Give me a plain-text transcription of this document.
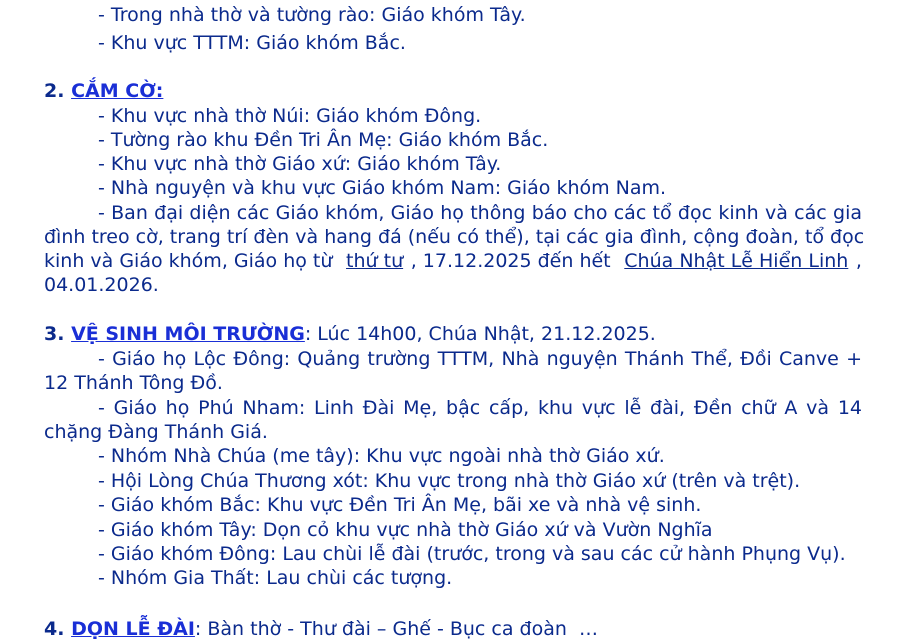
- Trong nhà thờ và tường rào: Giáo khóm Tây.
- Khu vực TTTM: Giáo khóm Bắc.
2. CẮM CỜ:
- Khu vực nhà thờ Núi: Giáo khóm Đông.
- Tường rào khu Đền Tri Ân Mẹ: Giáo khóm Bắc.
- Khu vực nhà thờ Giáo xứ: Giáo khóm Tây.
- Nhà nguyện và khu vực Giáo khóm Nam: Giáo khóm Nam.
- Ban đại diện các Giáo khóm, Giáo họ thông báo cho các tổ đọc kinh và các gia
đình treo cờ, trang trí đèn và hang đá (nếu có thể), tại các gia đình, cộng đoàn, tổ đọc
kinh và Giáo khóm, Giáo họ từ thứ tư , 17.12.2025 đến hết Chúa Nhật Lễ Hiển Linh ,
04.01.2026.
3. VỆ SINH MÔI TRƯỜNG: Lúc 14h00, Chúa Nhật, 21.12.2025.
- Giáo họ Lộc Đông: Quảng trường TTTM, Nhà nguyện Thánh Thể, Đồi Canve +
12 Thánh Tông Đồ.
- Giáo họ Phú Nham: Linh Đài Mẹ, bậc cấp, khu vực lễ đài, Đền chữ A và 14
chặng Đàng Thánh Giá.
- Nhóm Nhà Chúa (me tây): Khu vực ngoài nhà thờ Giáo xứ.
- Hội Lòng Chúa Thương xót: Khu vực trong nhà thờ Giáo xứ (trên và trệt).
- Giáo khóm Bắc: Khu vực Đền Tri Ân Mẹ, bãi xe và nhà vệ sinh.
- Giáo khóm Tây: Dọn cỏ khu vực nhà thờ Giáo xứ và Vườn Nghĩa
- Giáo khóm Đông: Lau chùi lễ đài (trước, trong và sau các cử hành Phụng Vụ).
- Nhóm Gia Thất: Lau chùi các tượng.
4. DỌN LỄ ĐÀI: Bàn thờ - Thư đài – Ghế - Bục ca đoàn  …
